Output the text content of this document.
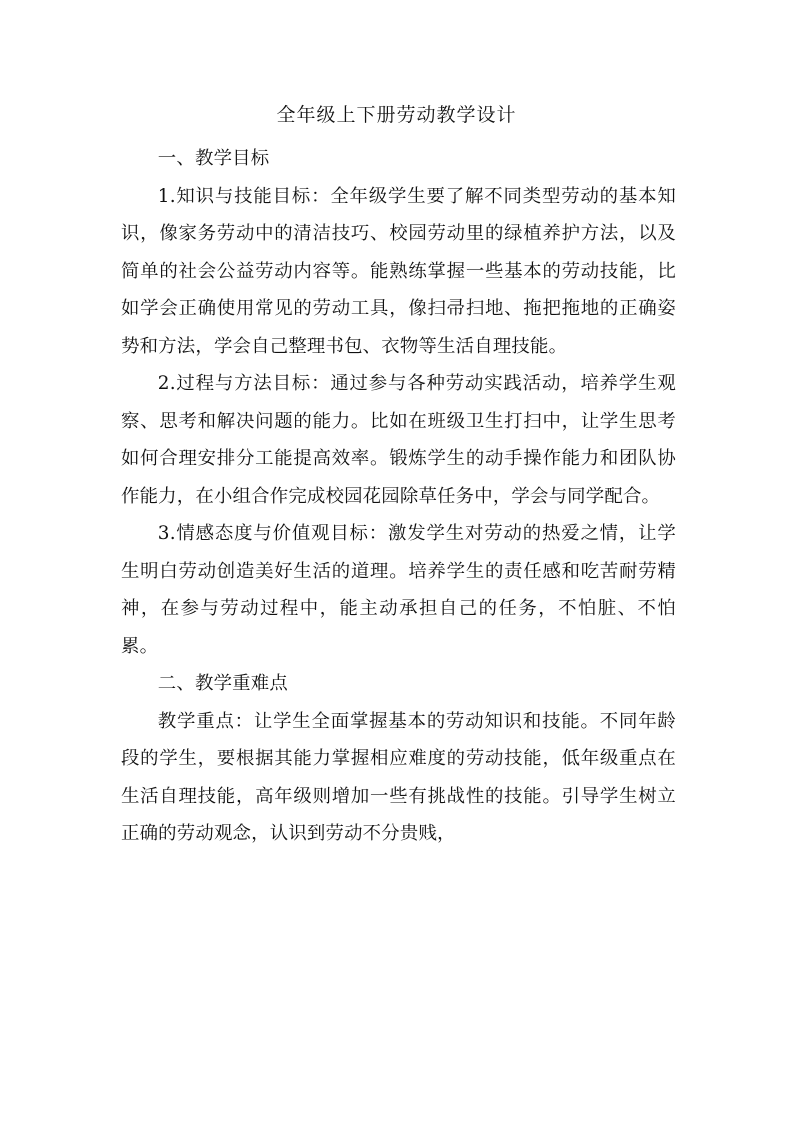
全年级上下册劳动教学设计

一、教学目标

1.知识与技能目标：全年级学生要了解不同类型劳动的基本知识，像家务劳动中的清洁技巧、校园劳动里的绿植养护方法，以及简单的社会公益劳动内容等。能熟练掌握一些基本的劳动技能，比如学会正确使用常见的劳动工具，像扫帚扫地、拖把拖地的正确姿势和方法，学会自己整理书包、衣物等生活自理技能。

2.过程与方法目标：通过参与各种劳动实践活动，培养学生观察、思考和解决问题的能力。比如在班级卫生打扫中，让学生思考如何合理安排分工能提高效率。锻炼学生的动手操作能力和团队协作能力，在小组合作完成校园花园除草任务中，学会与同学配合。

3.情感态度与价值观目标：激发学生对劳动的热爱之情，让学生明白劳动创造美好生活的道理。培养学生的责任感和吃苦耐劳精神，在参与劳动过程中，能主动承担自己的任务，不怕脏、不怕累。

二、教学重难点

教学重点：让学生全面掌握基本的劳动知识和技能。不同年龄段的学生，要根据其能力掌握相应难度的劳动技能，低年级重点在生活自理技能，高年级则增加一些有挑战性的技能。引导学生树立正确的劳动观念，认识到劳动不分贵贱，
